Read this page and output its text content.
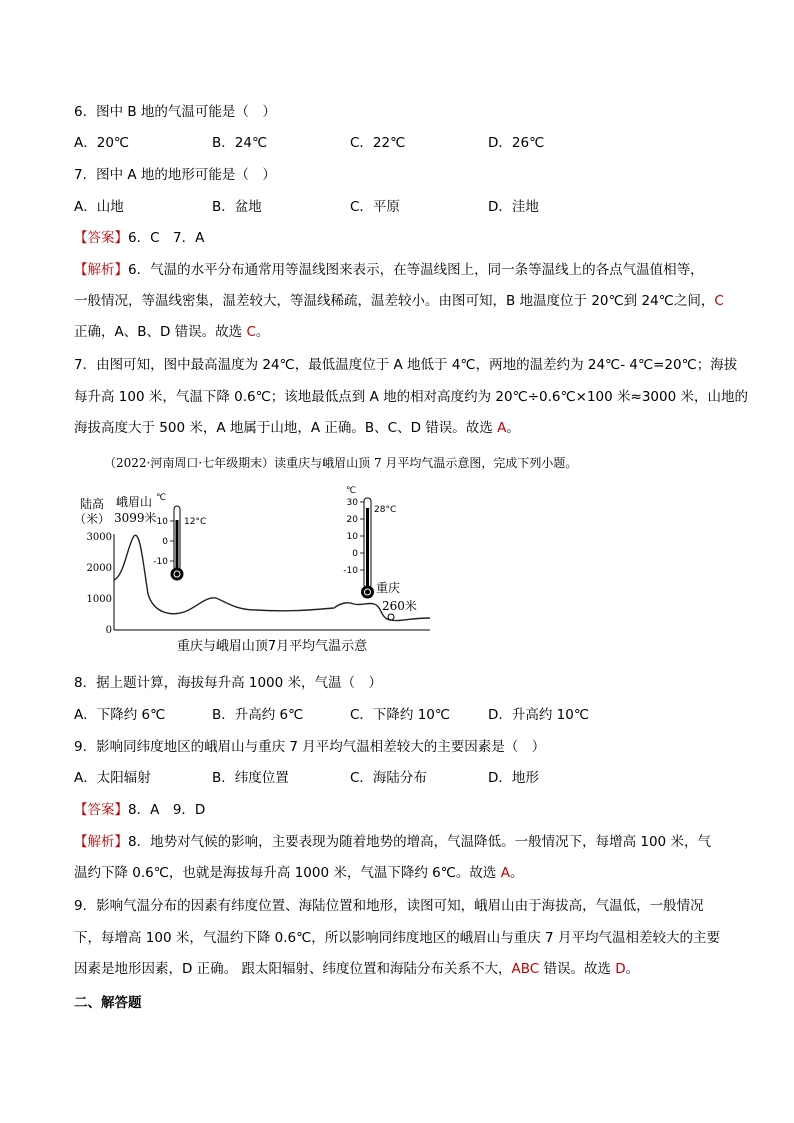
6．图中 B 地的气温可能是（　）
A．20℃	B．24℃	C．22℃	D．26℃
7．图中 A 地的地形可能是（　）
A．山地	B．盆地	C．平原	D．洼地
【答案】6．C　7．A
【解析】6．气温的水平分布通常用等温线图来表示，在等温线图上，同一条等温线上的各点气温值相等，
一般情况，等温线密集，温差较大，等温线稀疏，温差较小。由图可知，B 地温度位于 20℃到 24℃之间，C
正确，A、B、D 错误。故选 C。
7．由图可知，图中最高温度为 24℃，最低温度位于 A 地低于 4℃，两地的温差约为 24℃- 4℃=20℃；海拔
每升高 100 米，气温下降 0.6℃；该地最低点到 A 地的相对高度约为 20℃÷0.6℃×100 米≈3000 米，山地的
海拔高度大于 500 米，A 地属于山地，A 正确。B、C、D 错误。故选 A。
（2022·河南周口·七年级期末）读重庆与峨眉山顶 7 月平均气温示意图，完成下列小题。
陆高
（米）
3000
2000
1000
0
峨眉山
3099米
℃
10
0
-10
12°C
℃
30
20
10
0
-10
28°C
重庆
260米
重庆与峨眉山顶7月平均气温示意
8．据上题计算，海拔每升高 1000 米，气温（　）
A．下降约 6℃	B．升高约 6℃	C．下降约 10℃	D．升高约 10℃
9．影响同纬度地区的峨眉山与重庆 7 月平均气温相差较大的主要因素是（　）
A．太阳辐射	B．纬度位置	C．海陆分布	D．地形
【答案】8．A　9．D
【解析】8．地势对气候的影响，主要表现为随着地势的增高，气温降低。一般情况下，每增高 100 米，气
温约下降 0.6℃，也就是海拔每升高 1000 米，气温下降约 6℃。故选 A。
9．影响气温分布的因素有纬度位置、海陆位置和地形，读图可知，峨眉山由于海拔高，气温低，一般情况
下，每增高 100 米，气温约下降 0.6℃，所以影响同纬度地区的峨眉山与重庆 7 月平均气温相差较大的主要
因素是地形因素，D 正确。 跟太阳辐射、纬度位置和海陆分布关系不大，ABC 错误。故选 D。
二、解答题
